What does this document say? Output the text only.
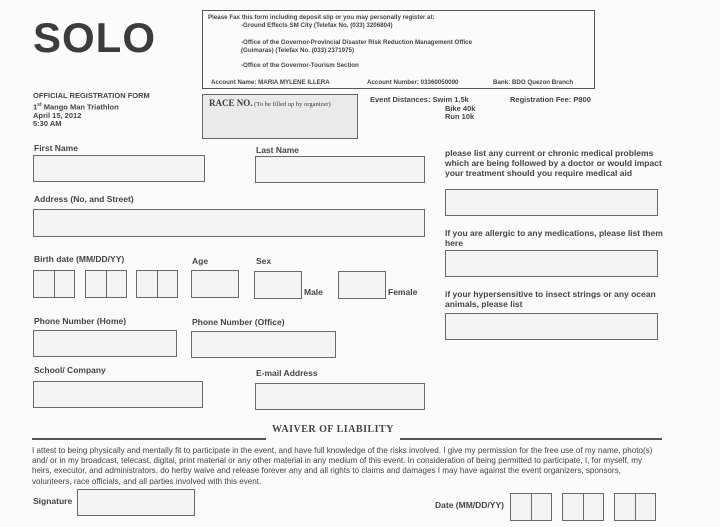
SOLO	Please Fax this form including deposit slip or you may personally register at:
-Ground Effects SM City (Telefax No. (033) 3206804)
-Office of the Governor-Provincial Disaster Risk Reduction Management Office
(Guimaras) (Telefax No. (033) 2371975)
-Office of the Governor-Tourism Section
Account Name: MARIA MYLENE ILLERA	Account Number: 03360050090	Bank: BDO Quezon Branch
OFFICIAL REGISTRATION FORM
1st Mango Man Triathlon
April 15, 2012
5:30 AM
RACE NO. (To be filled up by organizer)
Event Distances: Swim 1.5k
Bike 40k
Run 10k
Registration Fee: P800
First Name	Last Name
Address (No, and Street)
Birth date (MM/DD/YY)	Age	Sex
Male	Female
Phone Number (Home)	Phone Number (Office)
School/ Company	E-mail Address
please list any current or chronic medical problems which are being followed by a doctor or would impact your treatment should you require medical aid
If you are allergic to any medications, please list them here
if your hypersensitive to insect strings or any ocean animals, please list
WAIVER OF LIABILITY
I attest to being physically and mentally fit to participate in the event, and have full knowledge of the risks involved. I give my permission for the free use of my name, photo(s) and/ or in my broadcast, telecast, digital, print material or any other material in any medium of this event. In consideration of being permitted to participate, I, for myself, my heirs, executor, and administrators, do herby waive and release forever any and all rights to claims and damages I may have against the event organizers, sponsors, volunteers, race officials, and all parties involved with this event.
Signature	Date (MM/DD/YY)
